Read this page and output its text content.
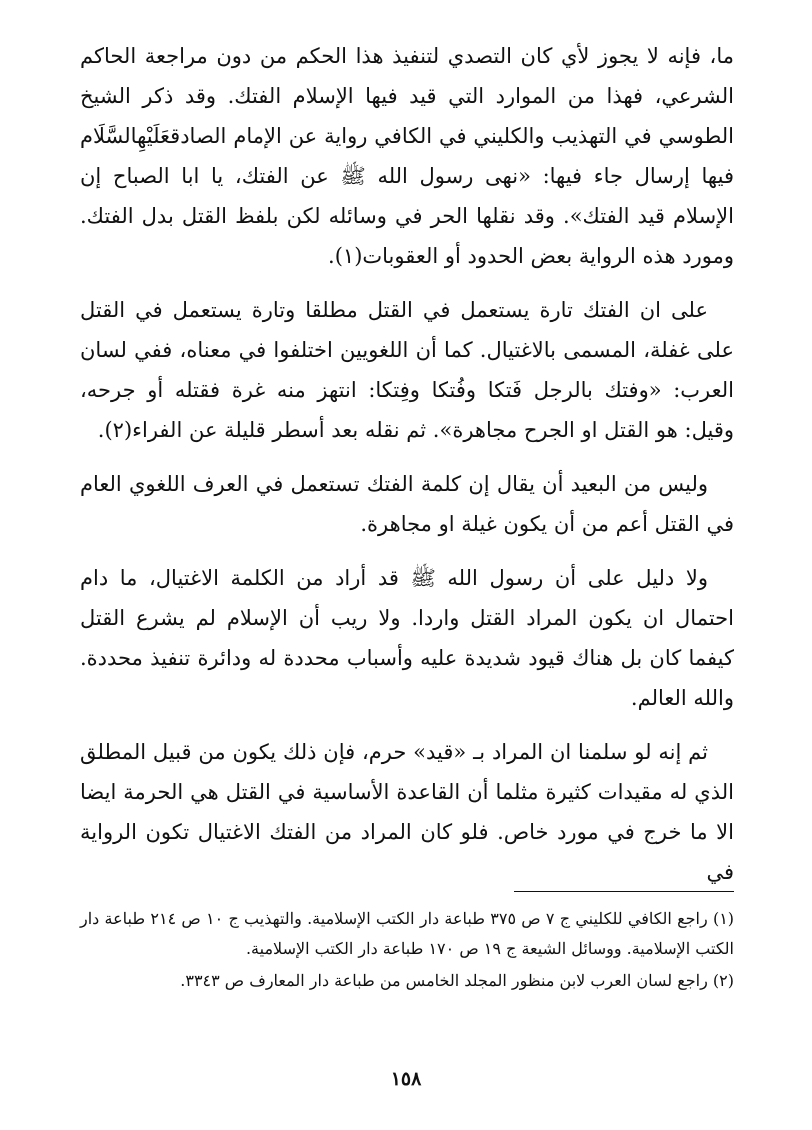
ما، فإنه لا يجوز لأي كان التصدي لتنفيذ هذا الحكم من دون مراجعة الحاكم الشرعي، فهذا من الموارد التي قيد فيها الإسلام الفتك. وقد ذكر الشيخ الطوسي في التهذيب والكليني في الكافي رواية عن الإمام الصادقعَلَيْهِالسَّلَام فيها إرسال جاء فيها: «نهى رسول الله ﷺ عن الفتك، يا ابا الصباح إن الإسلام قيد الفتك». وقد نقلها الحر في وسائله لكن بلفظ القتل بدل الفتك. ومورد هذه الرواية بعض الحدود أو العقوبات(١).

على ان الفتك تارة يستعمل في القتل مطلقا وتارة يستعمل في القتل على غفلة، المسمى بالاغتيال. كما أن اللغويين اختلفوا في معناه، ففي لسان العرب: «وفتك بالرجل فَتكا وفُتكا وفِتكا: انتهز منه غرة فقتله أو جرحه، وقيل: هو القتل او الجرح مجاهرة». ثم نقله بعد أسطر قليلة عن الفراء(٢).

وليس من البعيد أن يقال إن كلمة الفتك تستعمل في العرف اللغوي العام في القتل أعم من أن يكون غيلة او مجاهرة.

ولا دليل على أن رسول الله ﷺ قد أراد من الكلمة الاغتيال، ما دام احتمال ان يكون المراد القتل واردا. ولا ريب أن الإسلام لم يشرع القتل كيفما كان بل هناك قيود شديدة عليه وأسباب محددة له ودائرة تنفيذ محددة. والله العالم.

ثم إنه لو سلمنا ان المراد بـ «قيد» حرم، فإن ذلك يكون من قبيل المطلق الذي له مقيدات كثيرة مثلما أن القاعدة الأساسية في القتل هي الحرمة ايضا الا ما خرج في مورد خاص. فلو كان المراد من الفتك الاغتيال تكون الرواية في

(١) راجع الكافي للكليني ج ٧ ص ٣٧٥ طباعة دار الكتب الإسلامية. والتهذيب ج ١٠ ص ٢١٤ طباعة دار الكتب الإسلامية. ووسائل الشيعة ج ١٩ ص ١٧٠ طباعة دار الكتب الإسلامية.

(٢) راجع لسان العرب لابن منظور المجلد الخامس من طباعة دار المعارف ص ٣٣٤٣.

١٥٨
